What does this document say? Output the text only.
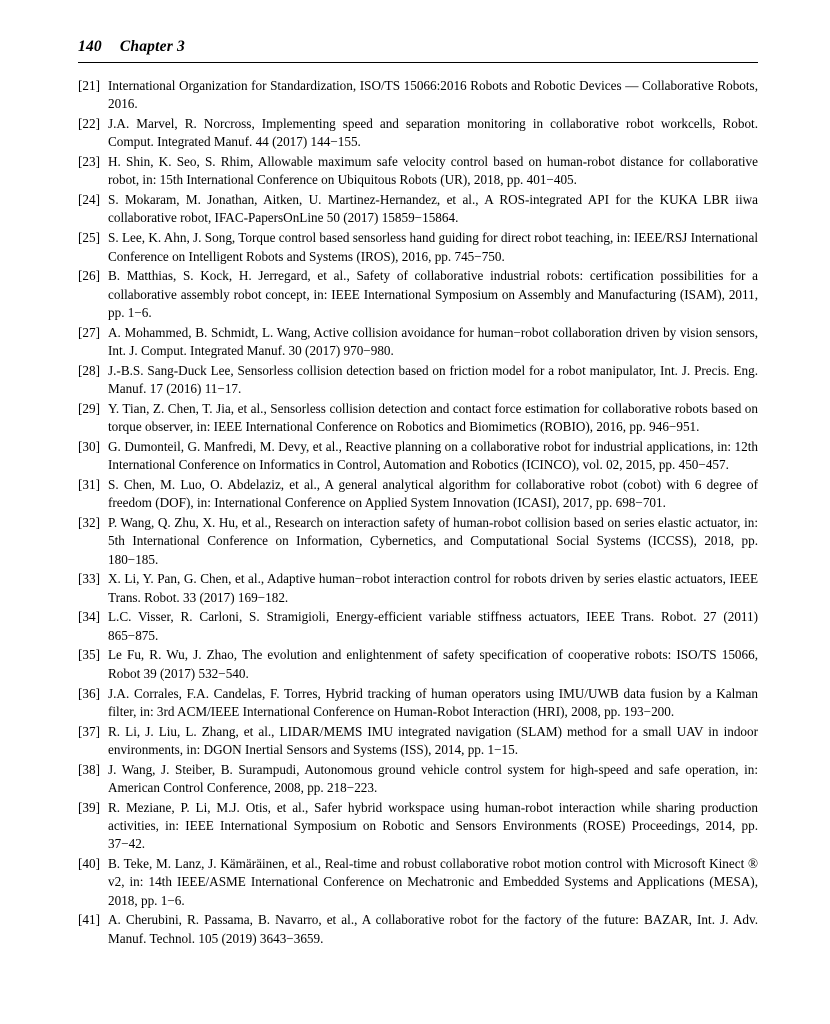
140 Chapter 3
[21] International Organization for Standardization, ISO/TS 15066:2016 Robots and Robotic Devices — Collaborative Robots, 2016.
[22] J.A. Marvel, R. Norcross, Implementing speed and separation monitoring in collaborative robot workcells, Robot. Comput. Integrated Manuf. 44 (2017) 144−155.
[23] H. Shin, K. Seo, S. Rhim, Allowable maximum safe velocity control based on human-robot distance for collaborative robot, in: 15th International Conference on Ubiquitous Robots (UR), 2018, pp. 401−405.
[24] S. Mokaram, M. Jonathan, Aitken, U. Martinez-Hernandez, et al., A ROS-integrated API for the KUKA LBR iiwa collaborative robot, IFAC-PapersOnLine 50 (2017) 15859−15864.
[25] S. Lee, K. Ahn, J. Song, Torque control based sensorless hand guiding for direct robot teaching, in: IEEE/RSJ International Conference on Intelligent Robots and Systems (IROS), 2016, pp. 745−750.
[26] B. Matthias, S. Kock, H. Jerregard, et al., Safety of collaborative industrial robots: certification possibilities for a collaborative assembly robot concept, in: IEEE International Symposium on Assembly and Manufacturing (ISAM), 2011, pp. 1−6.
[27] A. Mohammed, B. Schmidt, L. Wang, Active collision avoidance for human−robot collaboration driven by vision sensors, Int. J. Comput. Integrated Manuf. 30 (2017) 970−980.
[28] J.-B.S. Sang-Duck Lee, Sensorless collision detection based on friction model for a robot manipulator, Int. J. Precis. Eng. Manuf. 17 (2016) 11−17.
[29] Y. Tian, Z. Chen, T. Jia, et al., Sensorless collision detection and contact force estimation for collaborative robots based on torque observer, in: IEEE International Conference on Robotics and Biomimetics (ROBIO), 2016, pp. 946−951.
[30] G. Dumonteil, G. Manfredi, M. Devy, et al., Reactive planning on a collaborative robot for industrial applications, in: 12th International Conference on Informatics in Control, Automation and Robotics (ICINCO), vol. 02, 2015, pp. 450−457.
[31] S. Chen, M. Luo, O. Abdelaziz, et al., A general analytical algorithm for collaborative robot (cobot) with 6 degree of freedom (DOF), in: International Conference on Applied System Innovation (ICASI), 2017, pp. 698−701.
[32] P. Wang, Q. Zhu, X. Hu, et al., Research on interaction safety of human-robot collision based on series elastic actuator, in: 5th International Conference on Information, Cybernetics, and Computational Social Systems (ICCSS), 2018, pp. 180−185.
[33] X. Li, Y. Pan, G. Chen, et al., Adaptive human−robot interaction control for robots driven by series elastic actuators, IEEE Trans. Robot. 33 (2017) 169−182.
[34] L.C. Visser, R. Carloni, S. Stramigioli, Energy-efficient variable stiffness actuators, IEEE Trans. Robot. 27 (2011) 865−875.
[35] Le Fu, R. Wu, J. Zhao, The evolution and enlightenment of safety specification of cooperative robots: ISO/TS 15066, Robot 39 (2017) 532−540.
[36] J.A. Corrales, F.A. Candelas, F. Torres, Hybrid tracking of human operators using IMU/UWB data fusion by a Kalman filter, in: 3rd ACM/IEEE International Conference on Human-Robot Interaction (HRI), 2008, pp. 193−200.
[37] R. Li, J. Liu, L. Zhang, et al., LIDAR/MEMS IMU integrated navigation (SLAM) method for a small UAV in indoor environments, in: DGON Inertial Sensors and Systems (ISS), 2014, pp. 1−15.
[38] J. Wang, J. Steiber, B. Surampudi, Autonomous ground vehicle control system for high-speed and safe operation, in: American Control Conference, 2008, pp. 218−223.
[39] R. Meziane, P. Li, M.J. Otis, et al., Safer hybrid workspace using human-robot interaction while sharing production activities, in: IEEE International Symposium on Robotic and Sensors Environments (ROSE) Proceedings, 2014, pp. 37−42.
[40] B. Teke, M. Lanz, J. Kämäräinen, et al., Real-time and robust collaborative robot motion control with Microsoft Kinect ® v2, in: 14th IEEE/ASME International Conference on Mechatronic and Embedded Systems and Applications (MESA), 2018, pp. 1−6.
[41] A. Cherubini, R. Passama, B. Navarro, et al., A collaborative robot for the factory of the future: BAZAR, Int. J. Adv. Manuf. Technol. 105 (2019) 3643−3659.
